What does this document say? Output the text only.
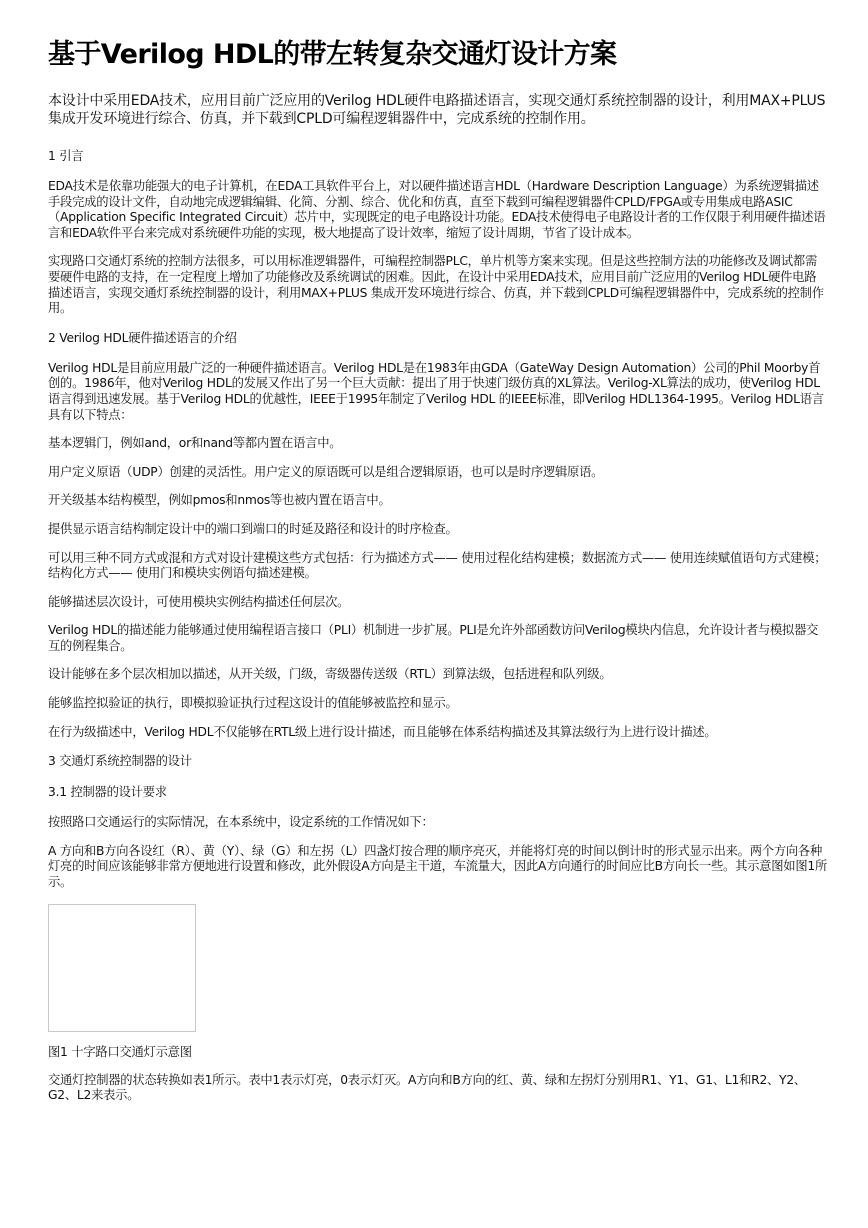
基于Verilog HDL的带左转复杂交通灯设计方案
本设计中采用EDA技术，应用目前广泛应用的Verilog HDL硬件电路描述语言，实现交通灯系统控制器的设计，利用MAX+PLUS 集成开发环境进行综合、仿真，并下载到CPLD可编程逻辑器件中，完成系统的控制作用。
1 引言

EDA技术是依靠功能强大的电子计算机，在EDA工具软件平台上，对以硬件描述语言HDL（Hardware Description Language）为系统逻辑描述手段完成的设计文件，自动地完成逻辑编辑、化简、分割、综合、优化和仿真，直至下载到可编程逻辑器件CPLD/FPGA或专用集成电路ASIC（Application Specific Integrated Circuit）芯片中，实现既定的电子电路设计功能。EDA技术使得电子电路设计者的工作仅限于利用硬件描述语言和EDA软件平台来完成对系统硬件功能的实现，极大地提高了设计效率，缩短了设计周期，节省了设计成本。

实现路口交通灯系统的控制方法很多，可以用标准逻辑器件，可编程控制器PLC，单片机等方案来实现。但是这些控制方法的功能修改及调试都需要硬件电路的支持，在一定程度上增加了功能修改及系统调试的困难。因此，在设计中采用EDA技术，应用目前广泛应用的Verilog HDL硬件电路描述语言，实现交通灯系统控制器的设计，利用MAX+PLUS 集成开发环境进行综合、仿真，并下载到CPLD可编程逻辑器件中，完成系统的控制作用。

2 Verilog HDL硬件描述语言的介绍

Verilog HDL是目前应用最广泛的一种硬件描述语言。Verilog HDL是在1983年由GDA（GateWay Design Automation）公司的Phil Moorby首创的。1986年，他对Verilog HDL的发展又作出了另一个巨大贡献：提出了用于快速门级仿真的XL算法。Verilog-XL算法的成功，使Verilog HDL语言得到迅速发展。基于Verilog HDL的优越性，IEEE于1995年制定了Verilog HDL 的IEEE标准，即Verilog HDL1364-1995。Verilog HDL语言具有以下特点：

基本逻辑门，例如and，or和nand等都内置在语言中。

用户定义原语（UDP）创建的灵活性。用户定义的原语既可以是组合逻辑原语，也可以是时序逻辑原语。

开关级基本结构模型，例如pmos和nmos等也被内置在语言中。

提供显示语言结构制定设计中的端口到端口的时延及路径和设计的时序检查。

可以用三种不同方式或混和方式对设计建模这些方式包括：行为描述方式—— 使用过程化结构建模；数据流方式—— 使用连续赋值语句方式建模；结构化方式—— 使用门和模块实例语句描述建模。

能够描述层次设计，可使用模块实例结构描述任何层次。

Verilog HDL的描述能力能够通过使用编程语言接口（PLI）机制进一步扩展。PLI是允许外部函数访问Verilog模块内信息，允许设计者与模拟器交互的例程集合。

设计能够在多个层次相加以描述，从开关级，门级，寄级器传送级（RTL）到算法级，包括进程和队列级。

能够监控拟验证的执行，即模拟验证执行过程这设计的值能够被监控和显示。

在行为级描述中，Verilog HDL不仅能够在RTL级上进行设计描述，而且能够在体系结构描述及其算法级行为上进行设计描述。

3 交通灯系统控制器的设计
3.1 控制器的设计要求

按照路口交通运行的实际情况，在本系统中，设定系统的工作情况如下：

A 方向和B方向各设红（R）、黄（Y）、绿（G）和左拐（L）四盏灯按合理的顺序亮灭，并能将灯亮的时间以倒计时的形式显示出来。两个方向各种灯亮的时间应该能够非常方便地进行设置和修改，此外假设A方向是主干道，车流量大，因此A方向通行的时间应比B方向长一些。其示意图如图1所示。

图1 十字路口交通灯示意图

交通灯控制器的状态转换如表1所示。表中1表示灯亮，0表示灯灭。A方向和B方向的红、黄、绿和左拐灯分别用R1、Y1、G1、L1和R2、Y2、G2、L2来表示。
